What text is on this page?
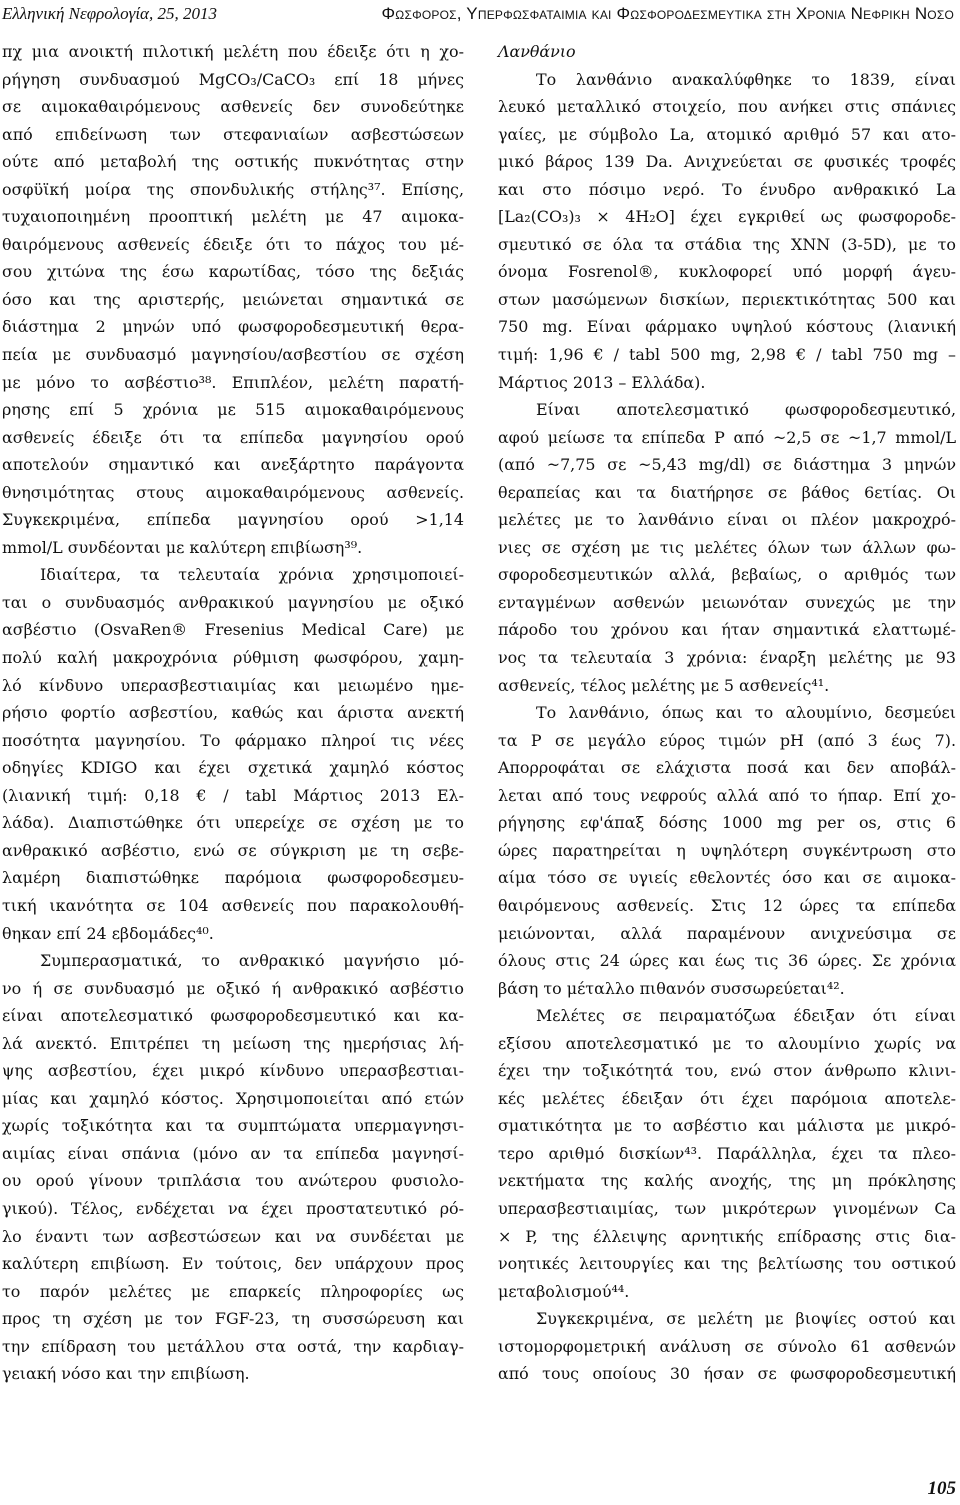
Ελληνική Νεφρολογία, 25, 2013	Φωσφορος, Υπερφωσφαταιμια και Φωσφοροδεσμευτικα στη Χρονια Νεφρικη Νοσο
πχ μια ανοικτή πιλοτική μελέτη που έδειξε ότι η χο-
ρήγηση συνδυασμού MgCO₃/CaCO₃ επί 18 μήνες
σε αιμοκαθαιρόμενους ασθενείς δεν συνοδεύτηκε
από επιδείνωση των στεφανιαίων ασβεστώσεων
ούτε από μεταβολή της οστικής πυκνότητας στην
οσφϋϊκή μοίρα της σπονδυλικής στήλης³⁷. Επίσης,
τυχαιοποιημένη προοπτική μελέτη με 47 αιμοκα-
θαιρόμενους ασθενείς έδειξε ότι το πάχος του μέ-
σου χιτώνα της έσω καρωτίδας, τόσο της δεξιάς
όσο και της αριστερής, μειώνεται σημαντικά σε
διάστημα 2 μηνών υπό φωσφοροδεσμευτική θερα-
πεία με συνδυασμό μαγνησίου/ασβεστίου σε σχέση
με μόνο το ασβέστιο³⁸. Επιπλέον, μελέτη παρατή-
ρησης επί 5 χρόνια με 515 αιμοκαθαιρόμενους
ασθενείς έδειξε ότι τα επίπεδα μαγνησίου ορού
αποτελούν σημαντικό και ανεξάρτητο παράγοντα
θνησιμότητας στους αιμοκαθαιρόμενους ασθενείς.
Συγκεκριμένα, επίπεδα μαγνησίου ορού >1,14
mmol/L συνδέονται με καλύτερη επιβίωση³⁹.
Ιδιαίτερα, τα τελευταία χρόνια χρησιμοποιεί-
ται ο συνδυασμός ανθρακικού μαγνησίου με οξικό
ασβέστιο (OsvaRen® Fresenius Medical Care) με
πολύ καλή μακροχρόνια ρύθμιση φωσφόρου, χαμη-
λό κίνδυνο υπερασβεστιαιμίας και μειωμένο ημε-
ρήσιο φορτίο ασβεστίου, καθώς και άριστα ανεκτή
ποσότητα μαγνησίου. Το φάρμακο πληροί τις νέες
οδηγίες KDIGO και έχει σχετικά χαμηλό κόστος
(λιανική τιμή: 0,18 € / tabl Μάρτιος 2013 Ελ-
λάδα). Διαπιστώθηκε ότι υπερείχε σε σχέση με το
ανθρακικό ασβέστιο, ενώ σε σύγκριση με τη σεβε-
λαμέρη διαπιστώθηκε παρόμοια φωσφοροδεσμευ-
τική ικανότητα σε 104 ασθενείς που παρακολουθή-
θηκαν επί 24 εβδομάδες⁴⁰.
Συμπερασματικά, το ανθρακικό μαγνήσιο μό-
νο ή σε συνδυασμό με οξικό ή ανθρακικό ασβέστιο
είναι αποτελεσματικό φωσφοροδεσμευτικό και κα-
λά ανεκτό. Επιτρέπει τη μείωση της ημερήσιας λή-
ψης ασβεστίου, έχει μικρό κίνδυνο υπερασβεστιαι-
μίας και χαμηλό κόστος. Χρησιμοποιείται από ετών
χωρίς τοξικότητα και τα συμπτώματα υπερμαγνησι-
αιμίας είναι σπάνια (μόνο αν τα επίπεδα μαγνησί-
ου ορού γίνουν τριπλάσια του ανώτερου φυσιολο-
γικού). Τέλος, ενδέχεται να έχει προστατευτικό ρό-
λο έναντι των ασβεστώσεων και να συνδέεται με
καλύτερη επιβίωση. Εν τούτοις, δεν υπάρχουν προς
το παρόν μελέτες με επαρκείς πληροφορίες ως
προς τη σχέση με τον FGF-23, τη συσσώρευση και
την επίδραση του μετάλλου στα οστά, την καρδιαγ-
γειακή νόσο και την επιβίωση.
Λανθάνιο
Το λανθάνιο ανακαλύφθηκε το 1839, είναι
λευκό μεταλλικό στοιχείο, που ανήκει στις σπάνιες
γαίες, με σύμβολο La, ατομικό αριθμό 57 και ατο-
μικό βάρος 139 Da. Ανιχνεύεται σε φυσικές τροφές
και στο πόσιμο νερό. Το ένυδρο ανθρακικό La
[La₂(CO₃)₃ × 4H₂O] έχει εγκριθεί ως φωσφοροδε-
σμευτικό σε όλα τα στάδια της ΧΝΝ (3-5D), με το
όνομα Fosrenol®, κυκλοφορεί υπό μορφή άγευ-
στων μασώμενων δισκίων, περιεκτικότητας 500 και
750 mg. Είναι φάρμακο υψηλού κόστους (λιανική
τιμή: 1,96 € / tabl 500 mg, 2,98 € / tabl 750 mg –
Μάρτιος 2013 – Ελλάδα).
Είναι αποτελεσματικό φωσφοροδεσμευτικό,
αφού μείωσε τα επίπεδα P από ~2,5 σε ~1,7 mmol/L
(από ~7,75 σε ~5,43 mg/dl) σε διάστημα 3 μηνών
θεραπείας και τα διατήρησε σε βάθος 6ετίας. Οι
μελέτες με το λανθάνιο είναι οι πλέον μακροχρό-
νιες σε σχέση με τις μελέτες όλων των άλλων φω-
σφοροδεσμευτικών αλλά, βεβαίως, ο αριθμός των
ενταγμένων ασθενών μειωνόταν συνεχώς με την
πάροδο του χρόνου και ήταν σημαντικά ελαττωμέ-
νος τα τελευταία 3 χρόνια: έναρξη μελέτης με 93
ασθενείς, τέλος μελέτης με 5 ασθενείς⁴¹.
Το λανθάνιο, όπως και το αλουμίνιο, δεσμεύει
τα P σε μεγάλο εύρος τιμών pH (από 3 έως 7).
Απορροφάται σε ελάχιστα ποσά και δεν αποβάλ-
λεται από τους νεφρούς αλλά από το ήπαρ. Επί χο-
ρήγησης εφ'άπαξ δόσης 1000 mg per os, στις 6
ώρες παρατηρείται η υψηλότερη συγκέντρωση στο
αίμα τόσο σε υγιείς εθελοντές όσο και σε αιμοκα-
θαιρόμενους ασθενείς. Στις 12 ώρες τα επίπεδα
μειώνονται, αλλά παραμένουν ανιχνεύσιμα σε
όλους στις 24 ώρες και έως τις 36 ώρες. Σε χρόνια
βάση το μέταλλο πιθανόν συσσωρεύεται⁴².
Μελέτες σε πειραματόζωα έδειξαν ότι είναι
εξίσου αποτελεσματικό με το αλουμίνιο χωρίς να
έχει την τοξικότητά του, ενώ στον άνθρωπο κλινι-
κές μελέτες έδειξαν ότι έχει παρόμοια αποτελε-
σματικότητα με το ασβέστιο και μάλιστα με μικρό-
τερο αριθμό δισκίων⁴³. Παράλληλα, έχει τα πλεο-
νεκτήματα της καλής ανοχής, της μη πρόκλησης
υπερασβεστιαιμίας, των μικρότερων γινομένων Ca
× P, της έλλειψης αρνητικής επίδρασης στις δια-
νοητικές λειτουργίες και της βελτίωσης του οστικού
μεταβολισμού⁴⁴.
Συγκεκριμένα, σε μελέτη με βιοψίες οστού και
ιστομορφομετρική ανάλυση σε σύνολο 61 ασθενών
από τους οποίους 30 ήσαν σε φωσφοροδεσμευτική
105
